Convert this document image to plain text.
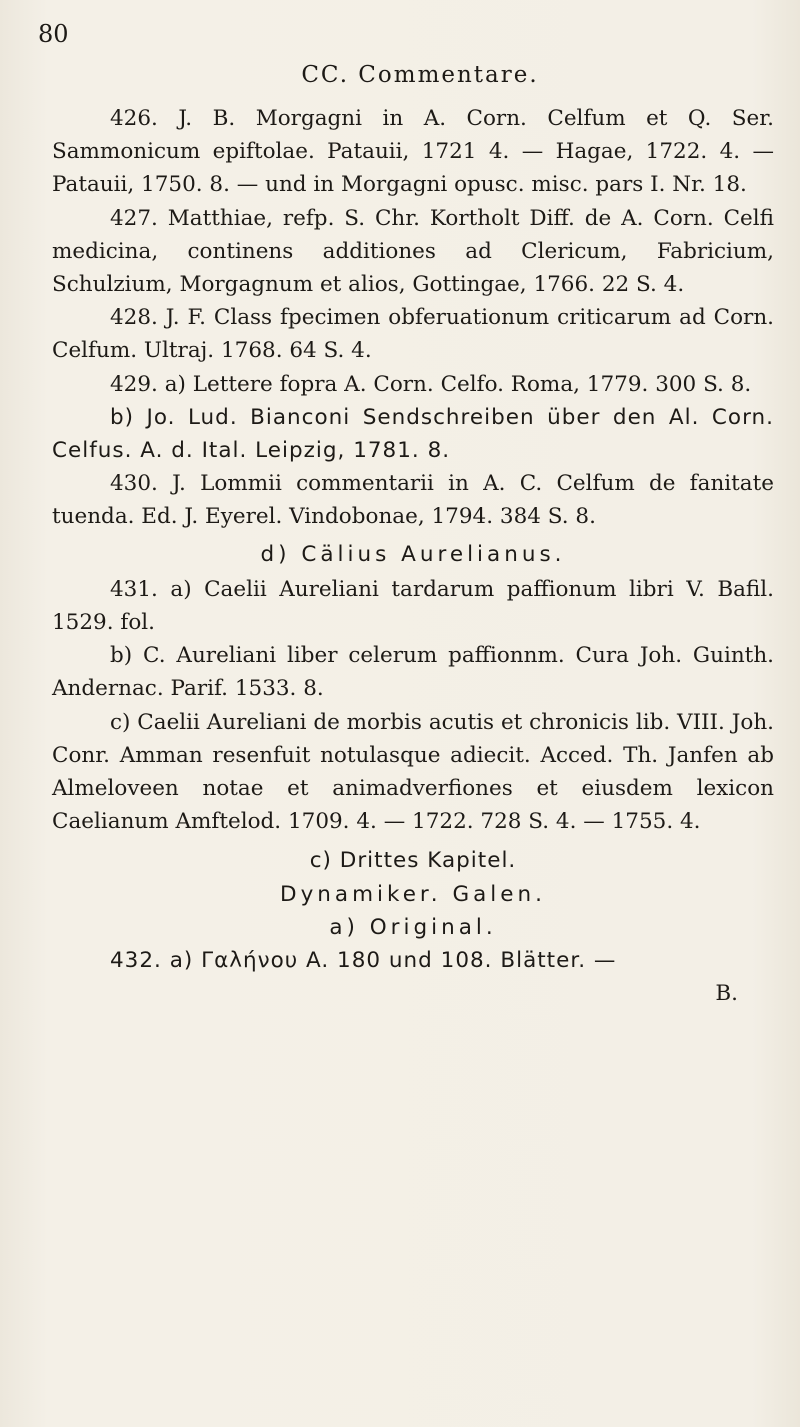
80
CC. Commentare.

426. J. B. Morgagni in A. Corn. Celfum et Q. Ser. Sammonicum epiftolae. Patauii, 1721 4. — Hagae, 1722. 4. — Patauii, 1750. 8. — und in Morgagni opusc. misc. pars I. Nr. 18.

427. Matthiae, refp. S. Chr. Kortholt Diff. de A. Corn. Celfi medicina, continens additiones ad Clericum, Fabricium, Schulzium, Morgagnum et alios, Gottingae, 1766. 22 S. 4.

428. J. F. Class fpecimen obferuationum criticarum ad Corn. Celfum. Ultraj. 1768. 64 S. 4.

429. a) Lettere fopra A. Corn. Celfo. Roma, 1779. 300 S. 8.

b) Jo. Lud. Bianconi Sendschreiben über den Al. Corn. Celfus. A. d. Ital. Leipzig, 1781. 8.

430. J. Lommii commentarii in A. C. Celfum de fanitate tuenda. Ed. J. Eyerel. Vindobonae, 1794. 384 S. 8.

d) Cälius Aurelianus.

431. a) Caelii Aureliani tardarum paffionum libri V. Bafil. 1529. fol.

b) C. Aureliani liber celerum paffionnm. Cura Joh. Guinth. Andernac. Parif. 1533. 8.

c) Caelii Aureliani de morbis acutis et chronicis lib. VIII. Joh. Conr. Amman resenfuit notulasque adiecit. Acced. Th. Janfen ab Almeloveen notae et animadverfiones et eiusdem lexicon Caelianum Amftelod. 1709. 4. — 1722. 728 S. 4. — 1755. 4.

c) Drittes Kapitel.

Dynamiker. Galen.

a) Original.

432. a) Γαλήνου A. 180 und 108. Blätter. —

B.
